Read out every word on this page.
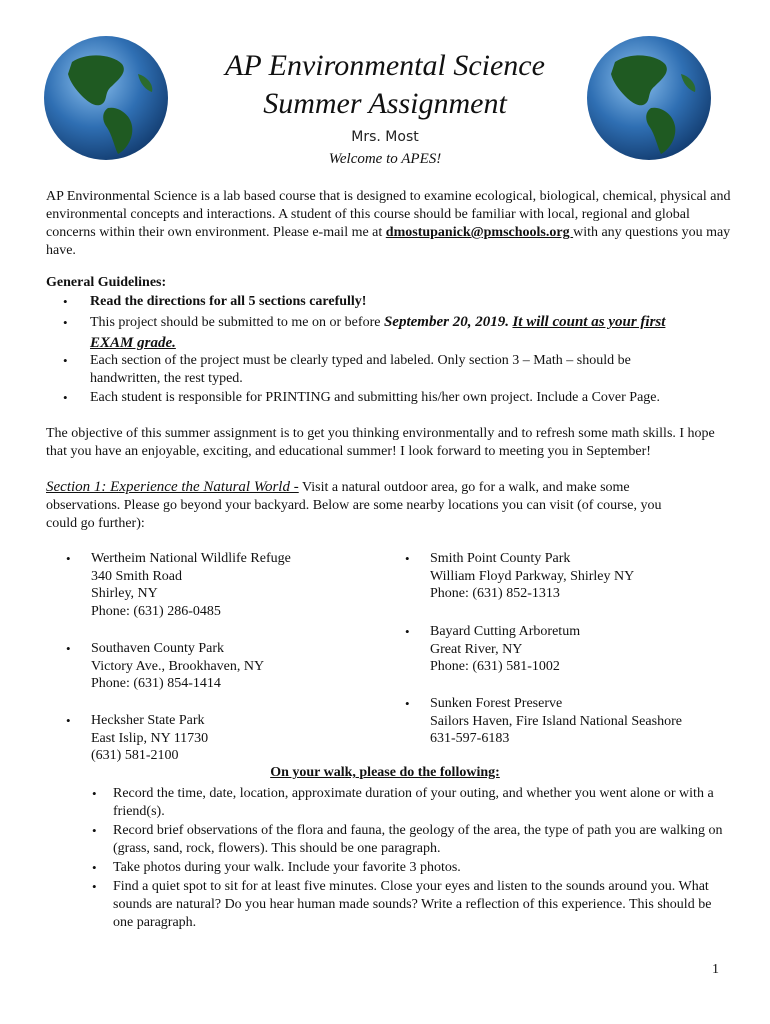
AP Environmental Science
Summer Assignment
Mrs. Most
Welcome to APES!
AP Environmental Science is a lab based course that is designed to examine ecological, biological, chemical, physical and environmental concepts and interactions. A student of this course should be familiar with local, regional and global concerns within their own environment. Please e-mail me at dmostupanick@pmschools.org with any questions you may have.
General Guidelines:
• Read the directions for all 5 sections carefully!
• This project should be submitted to me on or before September 20, 2019. It will count as your first
EXAM grade.
• Each section of the project must be clearly typed and labeled. Only section 3 – Math – should be handwritten, the rest typed.
• Each student is responsible for PRINTING and submitting his/her own project. Include a Cover Page.
The objective of this summer assignment is to get you thinking environmentally and to refresh some math skills. I hope that you have an enjoyable, exciting, and educational summer! I look forward to meeting you in September!
Section 1: Experience the Natural World - Visit a natural outdoor area, go for a walk, and make some observations. Please go beyond your backyard. Below are some nearby locations you can visit (of course, you could go further):
• Wertheim National Wildlife Refuge
340 Smith Road
Shirley, NY
Phone: (631) 286-0485
• Southaven County Park
Victory Ave., Brookhaven, NY
Phone: (631) 854-1414
• Hecksher State Park
East Islip, NY 11730
(631) 581-2100
• Smith Point County Park
William Floyd Parkway, Shirley NY
Phone: (631) 852-1313
• Bayard Cutting Arboretum
Great River, NY
Phone: (631) 581-1002
• Sunken Forest Preserve
Sailors Haven, Fire Island National Seashore
631-597-6183
On your walk, please do the following:
• Record the time, date, location, approximate duration of your outing, and whether you went alone or with a friend(s).
• Record brief observations of the flora and fauna, the geology of the area, the type of path you are walking on (grass, sand, rock, flowers). This should be one paragraph.
• Take photos during your walk. Include your favorite 3 photos.
• Find a quiet spot to sit for at least five minutes. Close your eyes and listen to the sounds around you. What sounds are natural? Do you hear human made sounds? Write a reflection of this experience. This should be one paragraph.
1
